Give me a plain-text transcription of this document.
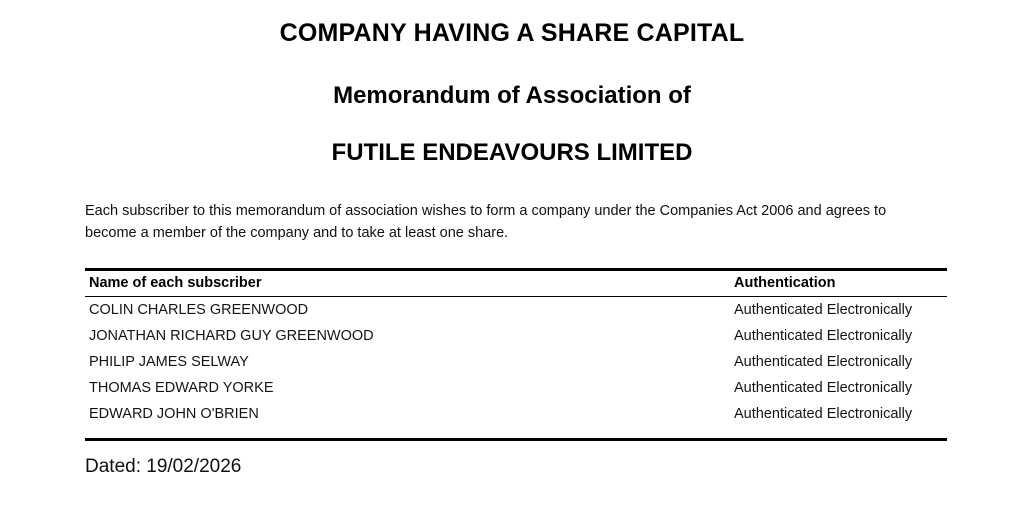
COMPANY HAVING A SHARE CAPITAL
Memorandum of Association of
FUTILE ENDEAVOURS LIMITED

Each subscriber to this memorandum of association wishes to form a company under the Companies Act 2006 and agrees to become a member of the company and to take at least one share.

Name of each subscriber	Authentication
COLIN CHARLES GREENWOOD	Authenticated Electronically
JONATHAN RICHARD GUY GREENWOOD	Authenticated Electronically
PHILIP JAMES SELWAY	Authenticated Electronically
THOMAS EDWARD YORKE	Authenticated Electronically
EDWARD JOHN O'BRIEN	Authenticated Electronically
Dated: 19/02/2026
